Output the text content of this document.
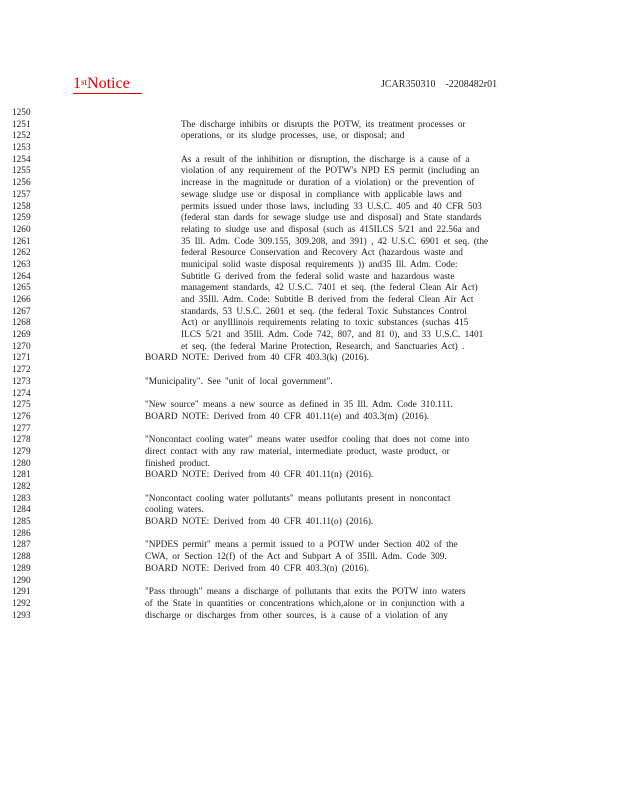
1stNotice	JCAR350310    -2208482r01
1250
1251	The discharge inhibits or disrupts the POTW, its treatment processes or
1252	operations, or its sludge processes, use, or disposal; and
1253
1254	As a result of the inhibition or disruption, the discharge is a cause of a
1255	violation of any requirement of the POTW's NPD ES permit (including an
1256	increase in the magnitude or duration of a violation) or the prevention of
1257	sewage sludge use or disposal in compliance with applicable laws and
1258	permits issued under those laws, including 33 U.S.C. 405 and 40 CFR 503
1259	(federal stan dards for sewage sludge use and disposal) and State standards
1260	relating to sludge use and disposal (such as 415ILCS 5/21 and 22.56a and
1261	35 Ill. Adm. Code 309.155, 309.208, and 391) , 42 U.S.C. 6901 et seq. (the
1262	federal Resource Conservation and Recovery Act (hazardous waste and
1263	municipal solid waste disposal requirements )) and35 Ill. Adm. Code:
1264	Subtitle G derived from the federal solid waste and hazardous waste
1265	management standards, 42 U.S.C. 7401 et seq. (the federal Clean Air Act)
1266	and 35Ill. Adm. Code: Subtitle B derived from the federal Clean Air Act
1267	standards, 53 U.S.C. 2601 et seq. (the federal Toxic Substances Control
1268	Act) or anyIllinois requirements relating to toxic substances (suchas 415
1269	ILCS 5/21 and 35Ill. Adm. Code 742, 807, and 81 0), and 33 U.S.C. 1401
1270	et seq. (the federal Marine Protection, Research, and Sanctuaries Act) .
1271	BOARD NOTE: Derived from 40 CFR 403.3(k) (2016).
1272
1273	"Municipality". See "unit of local government".
1274
1275	"New source" means a new source as defined in 35 Ill. Adm. Code 310.111.
1276	BOARD NOTE: Derived from 40 CFR 401.11(e) and 403.3(m) (2016).
1277
1278	"Noncontact cooling water" means water usedfor cooling that does not come into
1279	direct contact with any raw material, intermediate product, waste product, or
1280	finished product.
1281	BOARD NOTE: Derived from 40 CFR 401.11(n) (2016).
1282
1283	"Noncontact cooling water pollutants" means pollutants present in noncontact
1284	cooling waters.
1285	BOARD NOTE: Derived from 40 CFR 401.11(o) (2016).
1286
1287	"NPDES permit" means a permit issued to a POTW under Section 402 of the
1288	CWA, or Section 12(f) of the Act and Subpart A of 35Ill. Adm. Code 309.
1289	BOARD NOTE: Derived from 40 CFR 403.3(n) (2016).
1290
1291	"Pass through" means a discharge of pollutants that exits the POTW into waters
1292	of the State in quantities or concentrations which,alone or in conjunction with a
1293	discharge or discharges from other sources, is a cause of a violation of any
